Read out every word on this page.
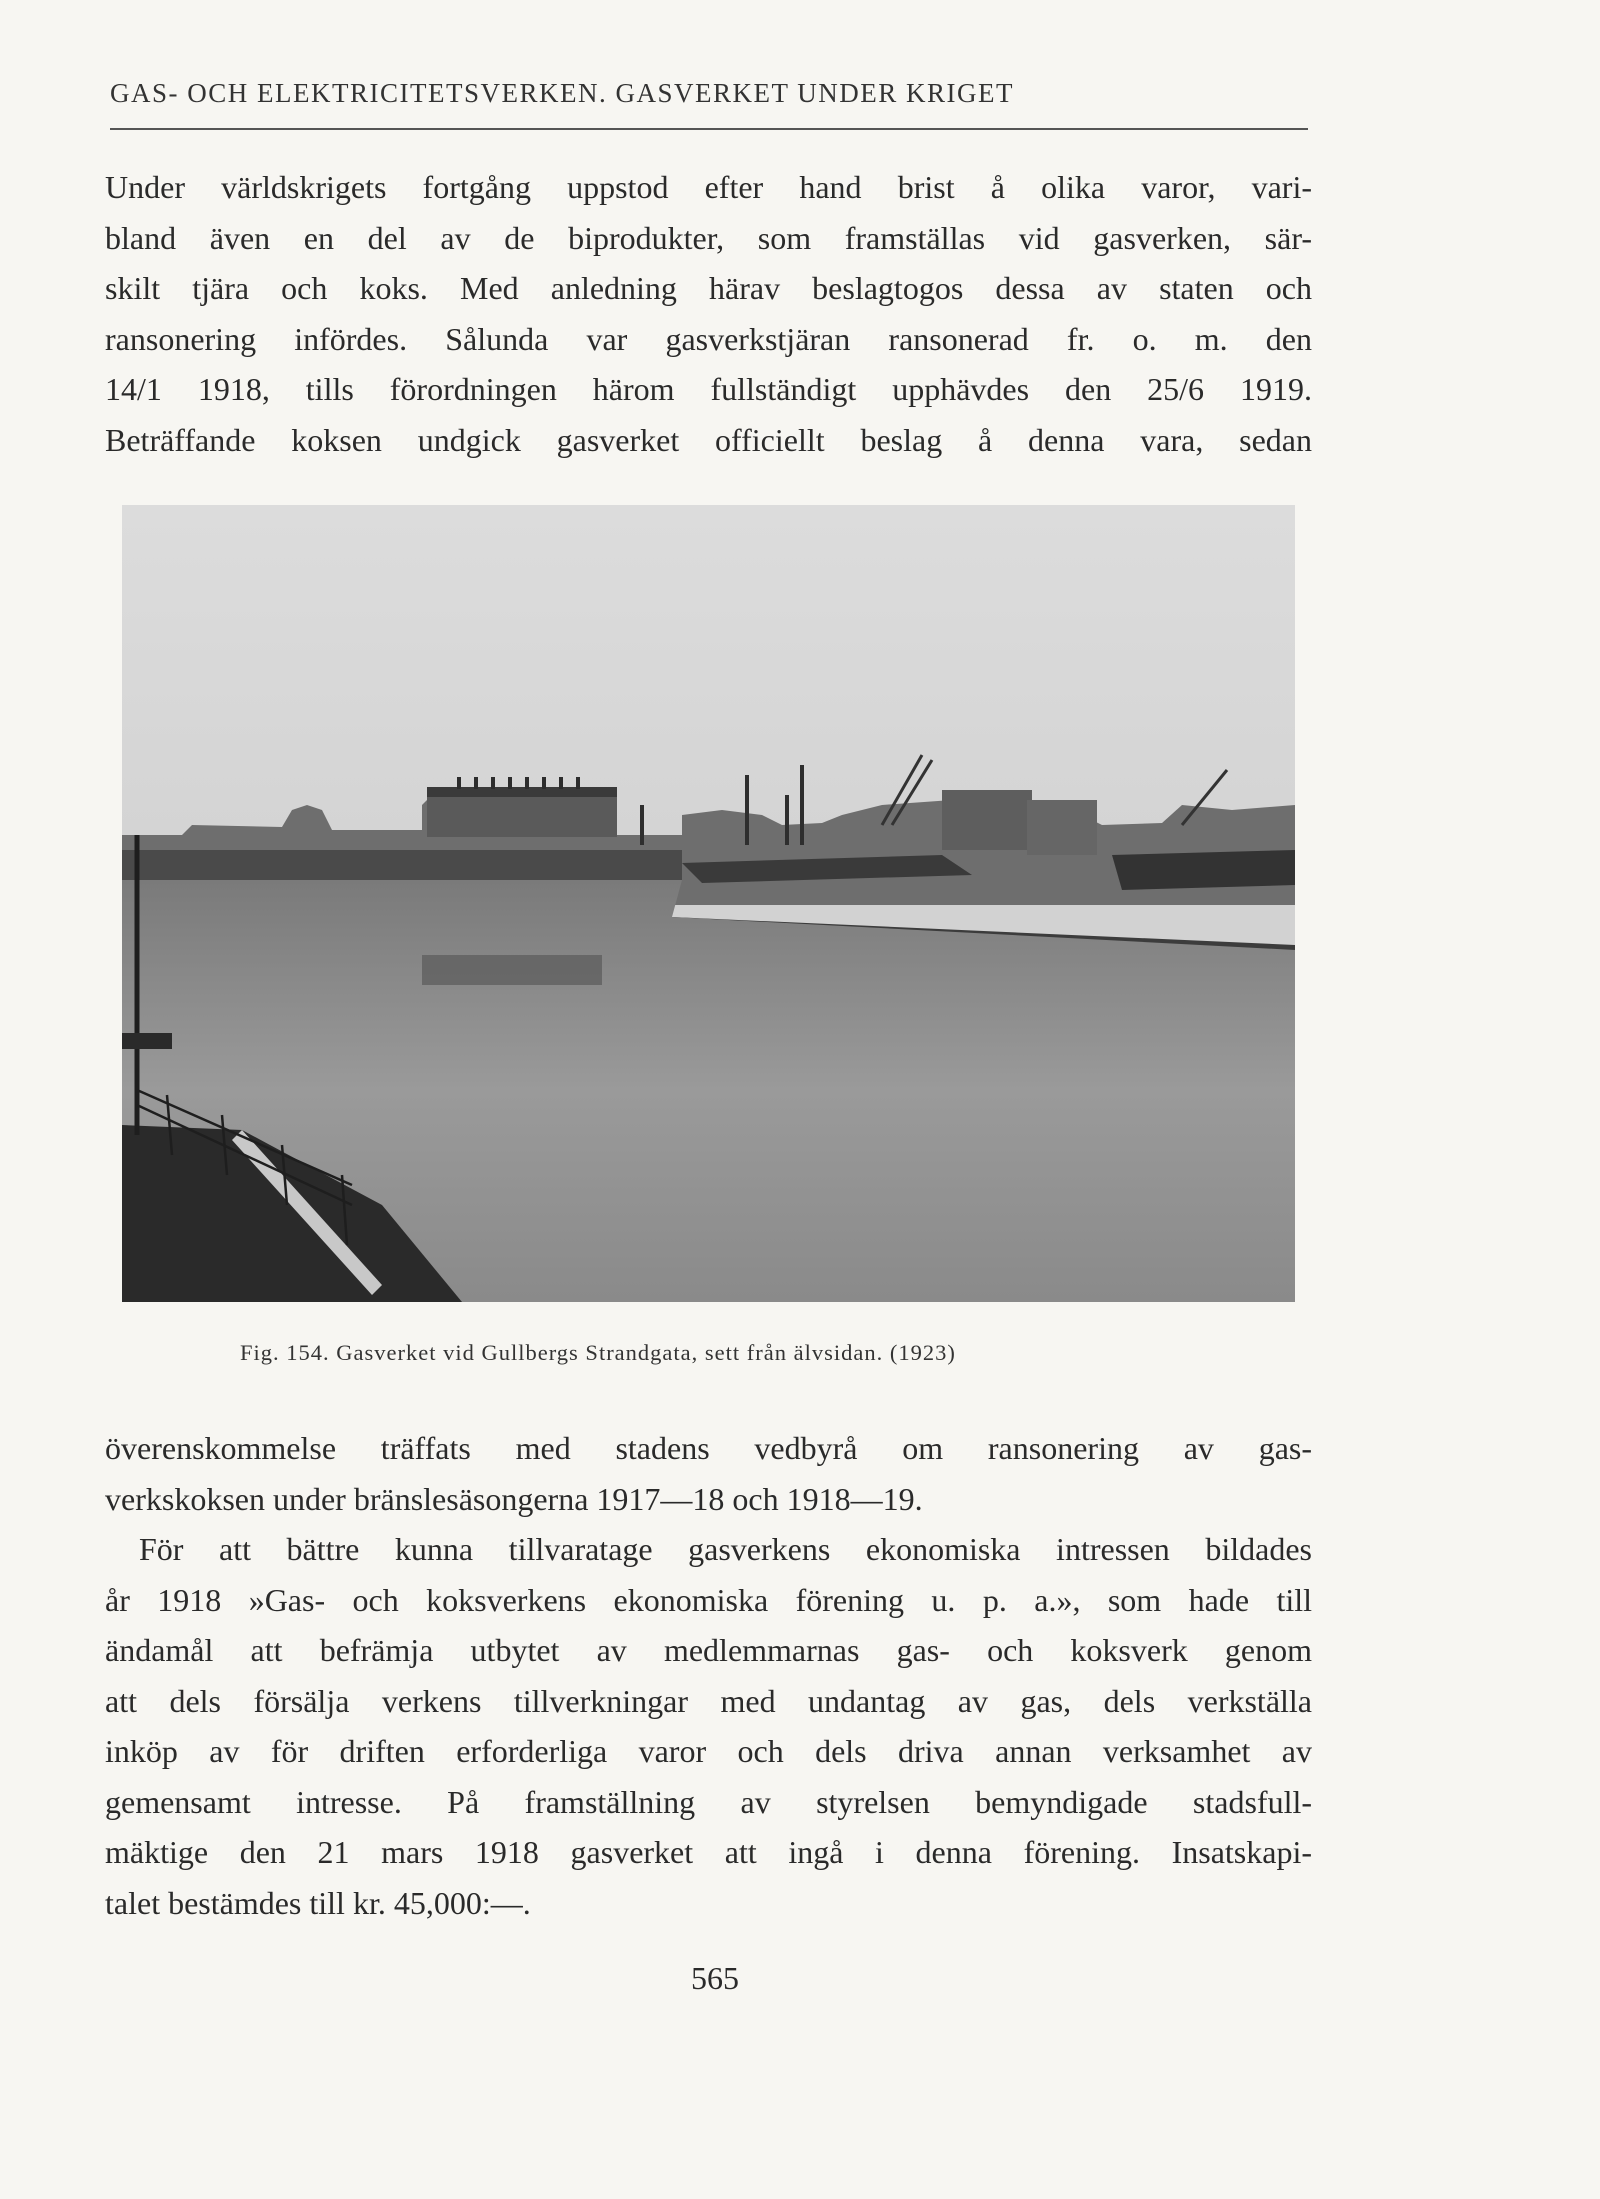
GAS- OCH ELEKTRICITETSVERKEN. GASVERKET UNDER KRIGET
Under världskrigets fortgång uppstod efter hand brist å olika varor, vari-
bland även en del av de biprodukter, som framställas vid gasverken, sär-
skilt tjära och koks. Med anledning härav beslagtogos dessa av staten och
ransonering infördes. Sålunda var gasverkstjäran ransonerad fr. o. m. den
14/1 1918, tills förordningen härom fullständigt upphävdes den 25/6 1919.
Beträffande koksen undgick gasverket officiellt beslag å denna vara, sedan
Fig. 154. Gasverket vid Gullbergs Strandgata, sett från älvsidan. (1923)
överenskommelse träffats med stadens vedbyrå om ransonering av gas-
verkskoksen under bränslesäsongerna 1917—18 och 1918—19.
För att bättre kunna tillvaratage gasverkens ekonomiska intressen bildades
år 1918 »Gas- och koksverkens ekonomiska förening u. p. a.», som hade till
ändamål att befrämja utbytet av medlemmarnas gas- och koksverk genom
att dels försälja verkens tillverkningar med undantag av gas, dels verkställa
inköp av för driften erforderliga varor och dels driva annan verksamhet av
gemensamt intresse. På framställning av styrelsen bemyndigade stadsfull-
mäktige den 21 mars 1918 gasverket att ingå i denna förening. Insatskapi-
talet bestämdes till kr. 45,000:—.
565
